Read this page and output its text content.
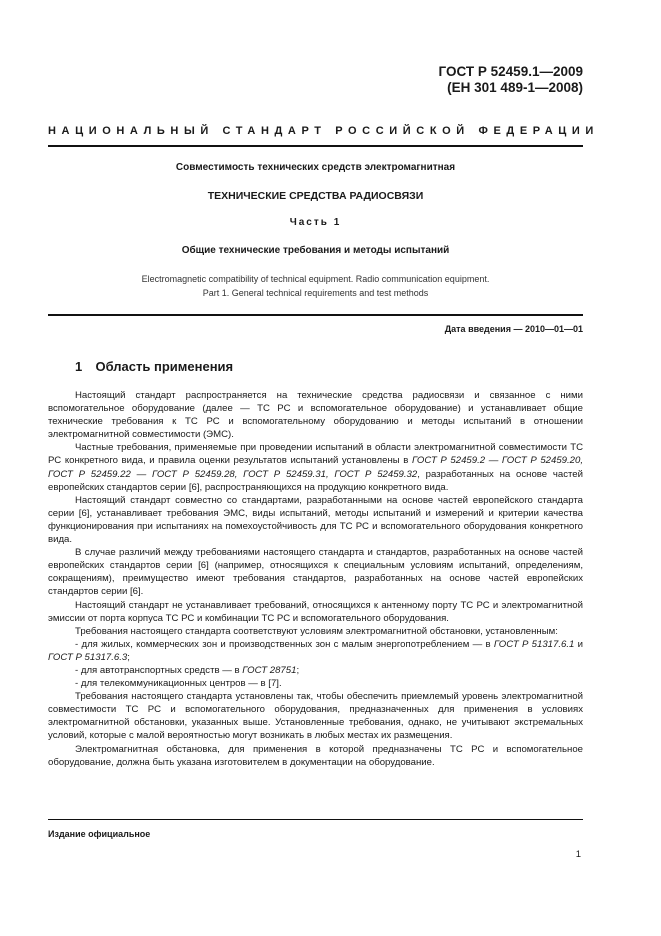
ГОСТ Р 52459.1—2009
(ЕН 301 489-1—2008)
НАЦИОНАЛЬНЫЙ СТАНДАРТ РОССИЙСКОЙ ФЕДЕРАЦИИ
Совместимость технических средств электромагнитная
ТЕХНИЧЕСКИЕ СРЕДСТВА РАДИОСВЯЗИ
Часть 1
Общие технические требования и методы испытаний
Electromagnetic compatibility of technical equipment. Radio communication equipment.
Part 1. General technical requirements and test methods
Дата введения — 2010—01—01
1 Область применения

Настоящий стандарт распространяется на технические средства радиосвязи и связанное с ними вспомогательное оборудование (далее — ТС РС и вспомогательное оборудование) и устанавливает общие технические требования к ТС РС и вспомогательному оборудованию и методы испытаний в отношении электромагнитной совместимости (ЭМС).

Частные требования, применяемые при проведении испытаний в области электромагнитной совместимости ТС РС конкретного вида, и правила оценки результатов испытаний установлены в ГОСТ Р 52459.2 — ГОСТ Р 52459.20, ГОСТ Р 52459.22 — ГОСТ Р 52459.28, ГОСТ Р 52459.31, ГОСТ Р 52459.32, разработанных на основе частей европейских стандартов серии [6], распространяющихся на продукцию конкретного вида.

Настоящий стандарт совместно со стандартами, разработанными на основе частей европейского стандарта серии [6], устанавливает требования ЭМС, виды испытаний, методы испытаний и измерений и критерии качества функционирования при испытаниях на помехоустойчивость для ТС РС и вспомогательного оборудования конкретного вида.

В случае различий между требованиями настоящего стандарта и стандартов, разработанных на основе частей европейских стандартов серии [6] (например, относящихся к специальным условиям испытаний, определениям, сокращениям), преимущество имеют требования стандартов, разработанных на основе частей европейских стандартов серии [6].

Настоящий стандарт не устанавливает требований, относящихся к антенному порту ТС РС и электромагнитной эмиссии от порта корпуса ТС РС и комбинации ТС РС и вспомогательного оборудования.

Требования настоящего стандарта соответствуют условиям электромагнитной обстановки, установленным:

- для жилых, коммерческих зон и производственных зон с малым энергопотреблением — в ГОСТ Р 51317.6.1 и ГОСТ Р 51317.6.3;

- для автотранспортных средств — в ГОСТ 28751;

- для телекоммуникационных центров — в [7].

Требования настоящего стандарта установлены так, чтобы обеспечить приемлемый уровень электромагнитной совместимости ТС РС и вспомогательного оборудования, предназначенных для применения в условиях электромагнитной обстановки, указанных выше. Установленные требования, однако, не учитывают экстремальных условий, которые с малой вероятностью могут возникать в любых местах их размещения.

Электромагнитная обстановка, для применения в которой предназначены ТС РС и вспомогательное оборудование, должна быть указана изготовителем в документации на оборудование.

Издание официальное
1
